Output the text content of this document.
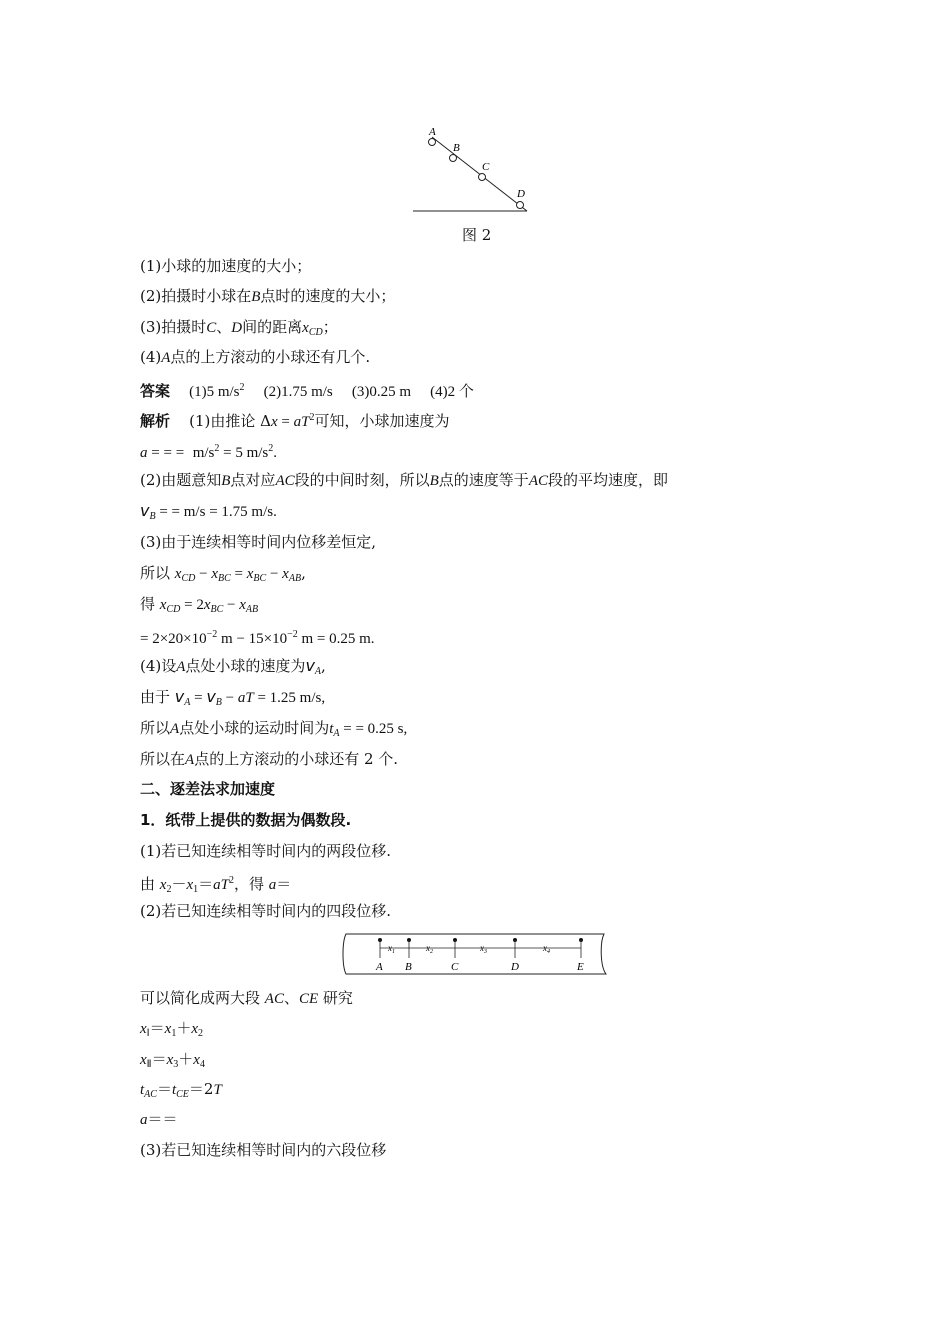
A
B
C
D
图 2
(1)小球的加速度的大小；
(2)拍摄时小球在B点时的速度的大小；
(3)拍摄时C、D间的距离$x_{CD}$；
(4)A点的上方滚动的小球还有几个.
答案 (1)5 $m/s^2$ (2)1.75 m/s (3)0.25 m (4)2 个
解析 (1)由推论 $\Delta x = aT^2$可知，小球加速度为
a = = =  $m/s^2 = 5$ $m/s^2$.
(2)由题意知B点对应AC段的中间时刻，所以B点的速度等于AC段的平均速度，即
$v_B$ = = m/s = 1.75 m/s.
(3)由于连续相等时间内位移差恒定,
所以 $x_{CD} - x_{BC} = x_{BC} - x_{AB}$,
得 $x_{CD} = 2x_{BC} - x_{AB}$
= $2\times 20\times 10^{-2}$ $m - 15\times 10^{-2}$ m = 0.25 m.
(4)设A点处小球的速度为$v_A$,
由于 $v_A = v_B$ − aT = 1.25 m/s,
所以A点处小球的运动时间为$t_A$ = = 0.25 s,
所以在A点的上方滚动的小球还有 2 个.
二、逐差法求加速度
1．纸带上提供的数据为偶数段.
(1)若已知连续相等时间内的两段位移.
由 $x_2-x_1=aT^2$，得 a＝
(2)若已知连续相等时间内的四段位移.
$x_1$	$x_2$	$x_3$	$x_4$
A B	C	D	E
可以简化成两大段 AC、CE 研究
$x_Ⅰ=x_1+x_2$
$x_Ⅱ=x_3+x_4$
$t_{AC}=t_{CE}=2T$
a＝＝
(3)若已知连续相等时间内的六段位移
